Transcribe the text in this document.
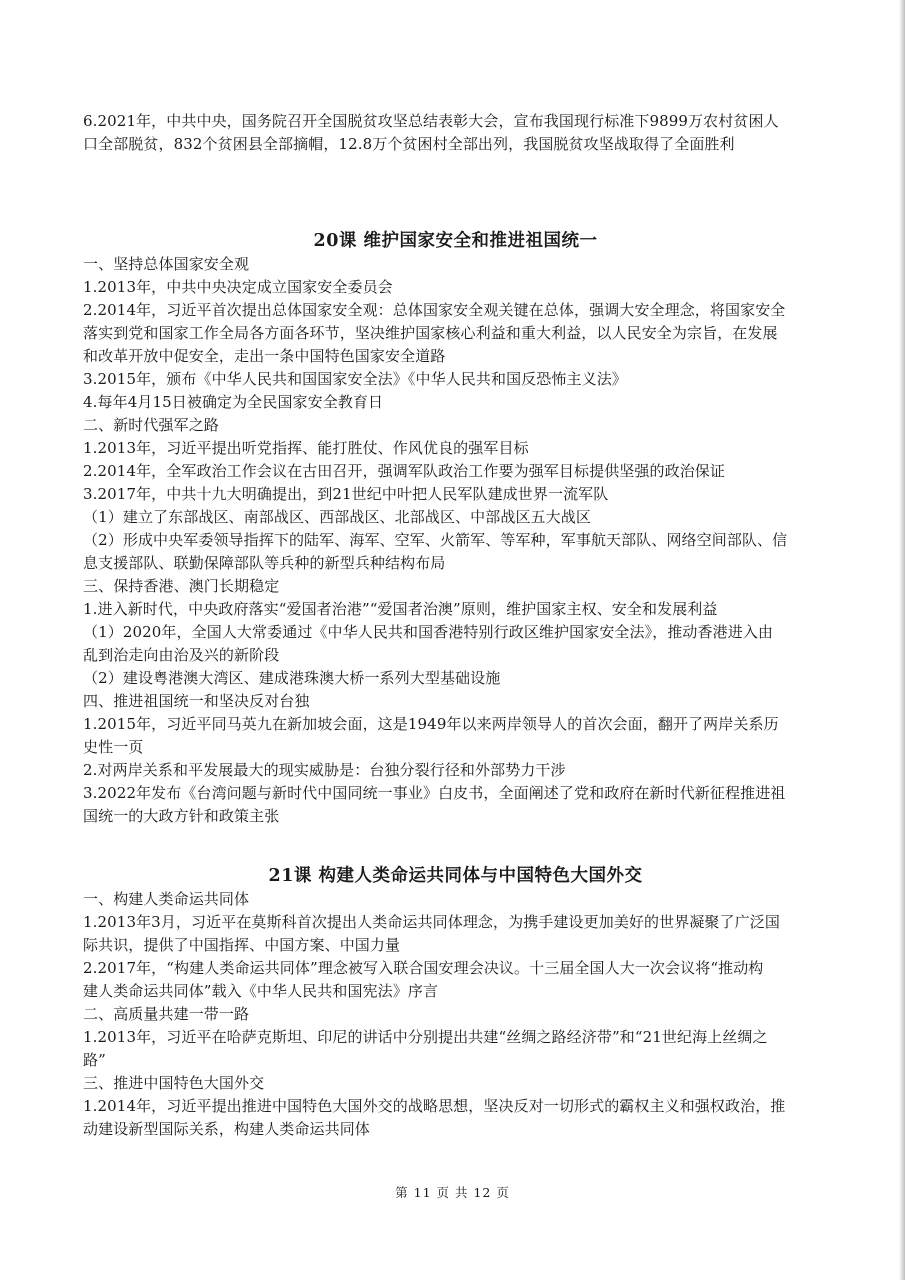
6.2021年，中共中央，国务院召开全国脱贫攻坚总结表彰大会，宣布我国现行标准下9899万农村贫困人

口全部脱贫，832个贫困县全部摘帽，12.8万个贫困村全部出列，我国脱贫攻坚战取得了全面胜利

20课 维护国家安全和推进祖国统一

一、坚持总体国家安全观

1.2013年，中共中央决定成立国家安全委员会

2.2014年，习近平首次提出总体国家安全观：总体国家安全观关键在总体，强调大安全理念，将国家安全

落实到党和国家工作全局各方面各环节，坚决维护国家核心利益和重大利益，以人民安全为宗旨，在发展

和改革开放中促安全，走出一条中国特色国家安全道路

3.2015年，颁布《中华人民共和国国家安全法》《中华人民共和国反恐怖主义法》

4.每年4月15日被确定为全民国家安全教育日

二、新时代强军之路

1.2013年，习近平提出听党指挥、能打胜仗、作风优良的强军目标

2.2014年，全军政治工作会议在古田召开，强调军队政治工作要为强军目标提供坚强的政治保证

3.2017年，中共十九大明确提出，到21世纪中叶把人民军队建成世界一流军队

（1）建立了东部战区、南部战区、西部战区、北部战区、中部战区五大战区

（2）形成中央军委领导指挥下的陆军、海军、空军、火箭军、等军种，军事航天部队、网络空间部队、信

息支援部队、联勤保障部队等兵种的新型兵种结构布局

三、保持香港、澳门长期稳定

1.进入新时代，中央政府落实“爱国者治港”“爱国者治澳”原则，维护国家主权、安全和发展利益

（1）2020年，全国人大常委通过《中华人民共和国香港特别行政区维护国家安全法》，推动香港进入由

乱到治走向由治及兴的新阶段

（2）建设粤港澳大湾区、建成港珠澳大桥一系列大型基础设施

四、推进祖国统一和坚决反对台独

1.2015年，习近平同马英九在新加坡会面，这是1949年以来两岸领导人的首次会面，翻开了两岸关系历

史性一页

2.对两岸关系和平发展最大的现实威胁是：台独分裂行径和外部势力干涉

3.2022年发布《台湾问题与新时代中国同统一事业》白皮书，全面阐述了党和政府在新时代新征程推进祖

国统一的大政方针和政策主张

21课 构建人类命运共同体与中国特色大国外交

一、构建人类命运共同体

1.2013年3月，习近平在莫斯科首次提出人类命运共同体理念，为携手建设更加美好的世界凝聚了广泛国

际共识，提供了中国指挥、中国方案、中国力量

2.2017年，“构建人类命运共同体”理念被写入联合国安理会决议。十三届全国人大一次会议将“推动构

建人类命运共同体”载入《中华人民共和国宪法》序言

二、高质量共建一带一路

1.2013年，习近平在哈萨克斯坦、印尼的讲话中分别提出共建“丝绸之路经济带”和“21世纪海上丝绸之

路”

三、推进中国特色大国外交

1.2014年，习近平提出推进中国特色大国外交的战略思想，坚决反对一切形式的霸权主义和强权政治，推

动建设新型国际关系，构建人类命运共同体

第 11 页 共 12 页
